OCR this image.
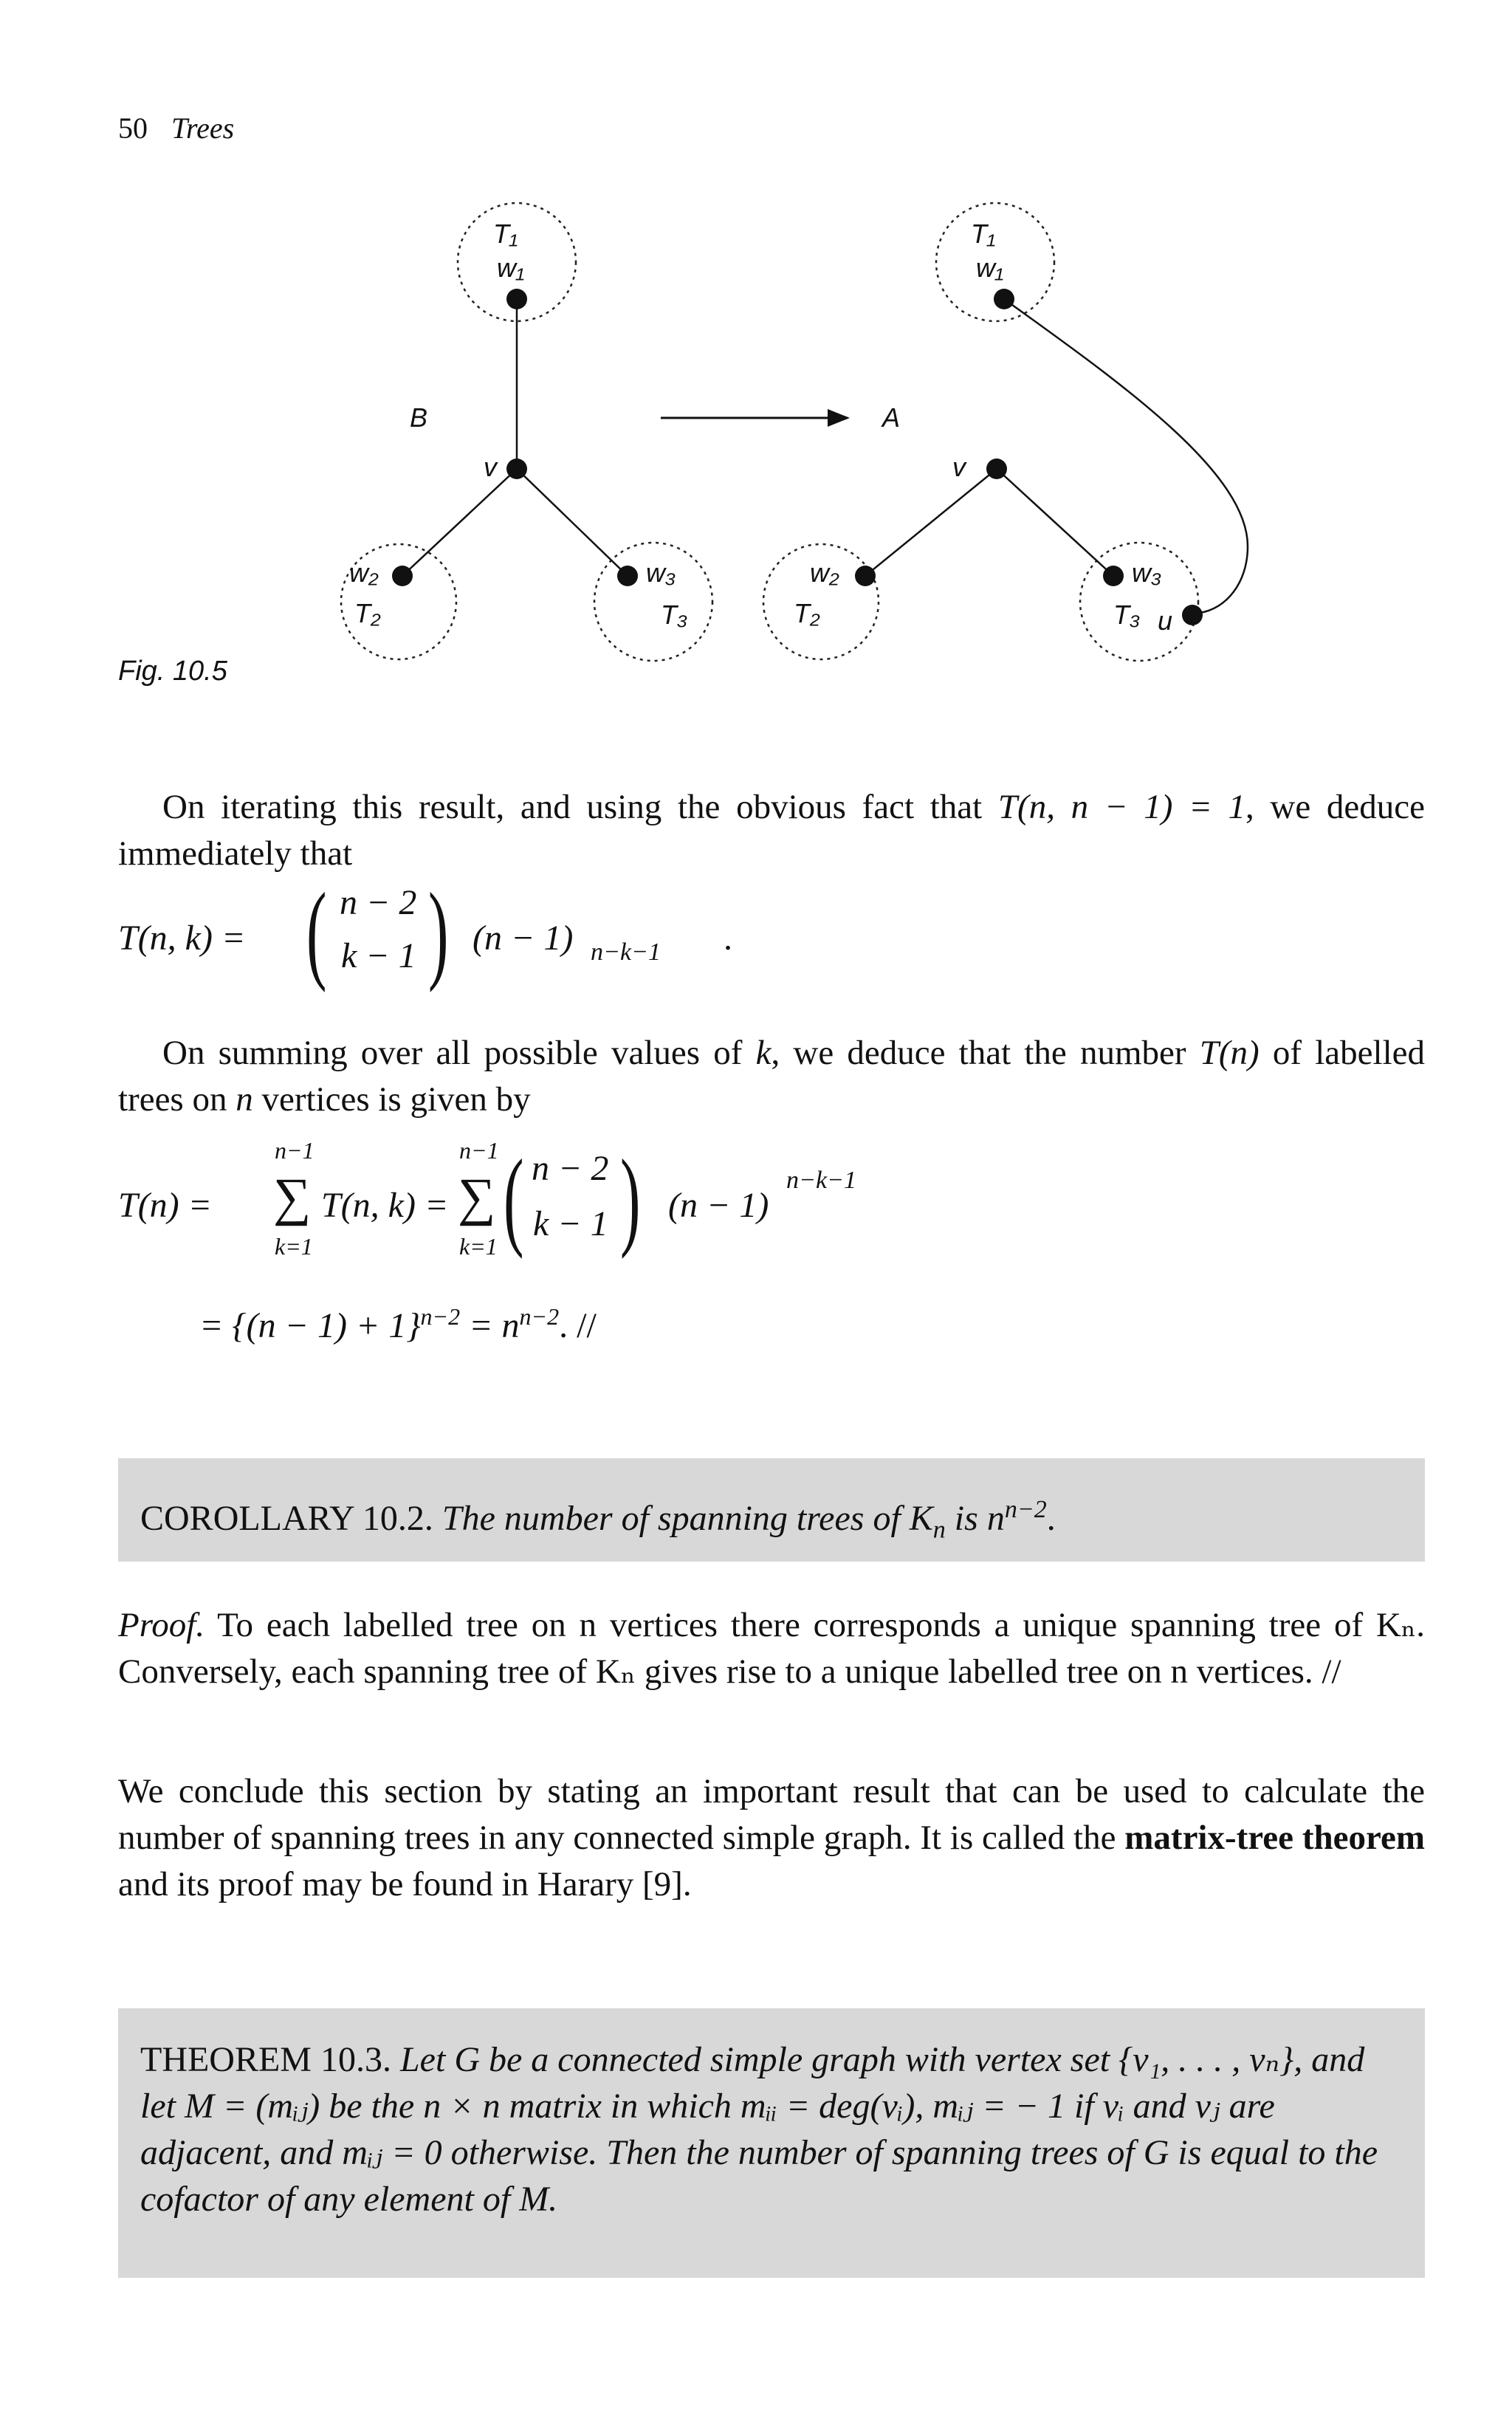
50 Trees
T₁
w₁
B
v
w₂
T₂
w₃
T₃
A
T₁
w₁
v
w₂
T₂
w₃
T₃ u
Fig. 10.5
On iterating this result, and using the obvious fact that T(n, n − 1) = 1, we deduce immediately that
T(n, k) = ( n − 2
k − 1 ) (n − 1) n−k−1 .
On summing over all possible values of k, we deduce that the number T(n) of labelled trees on n vertices is given by
T(n) =
n−1
∑
k=1
T(n, k) =
n−1
∑
k=1 ( n − 2
k − 1 ) (n − 1)
n−k−1
= $\{(n - 1) + 1\}^{n-2} = n^{n-2}$. //
COROLLARY 10.2. The number of spanning trees of $K_n$ is $n^{n-2}$.
Proof. To each labelled tree on n vertices there corresponds a unique spanning tree of Kₙ. Conversely, each spanning tree of Kₙ gives rise to a unique labelled tree on n vertices. //
We conclude this section by stating an important result that can be used to calculate the number of spanning trees in any connected simple graph. It is called the matrix-tree theorem and its proof may be found in Harary [9].
THEOREM 10.3. Let G be a connected simple graph with vertex set {v₁, . . . , vₙ}, and let M = (mᵢⱼ) be the n × n matrix in which mᵢᵢ = deg(vᵢ), mᵢⱼ = − 1 if vᵢ and vⱼ are adjacent, and mᵢⱼ = 0 otherwise. Then the number of spanning trees of G is equal to the cofactor of any element of M.
